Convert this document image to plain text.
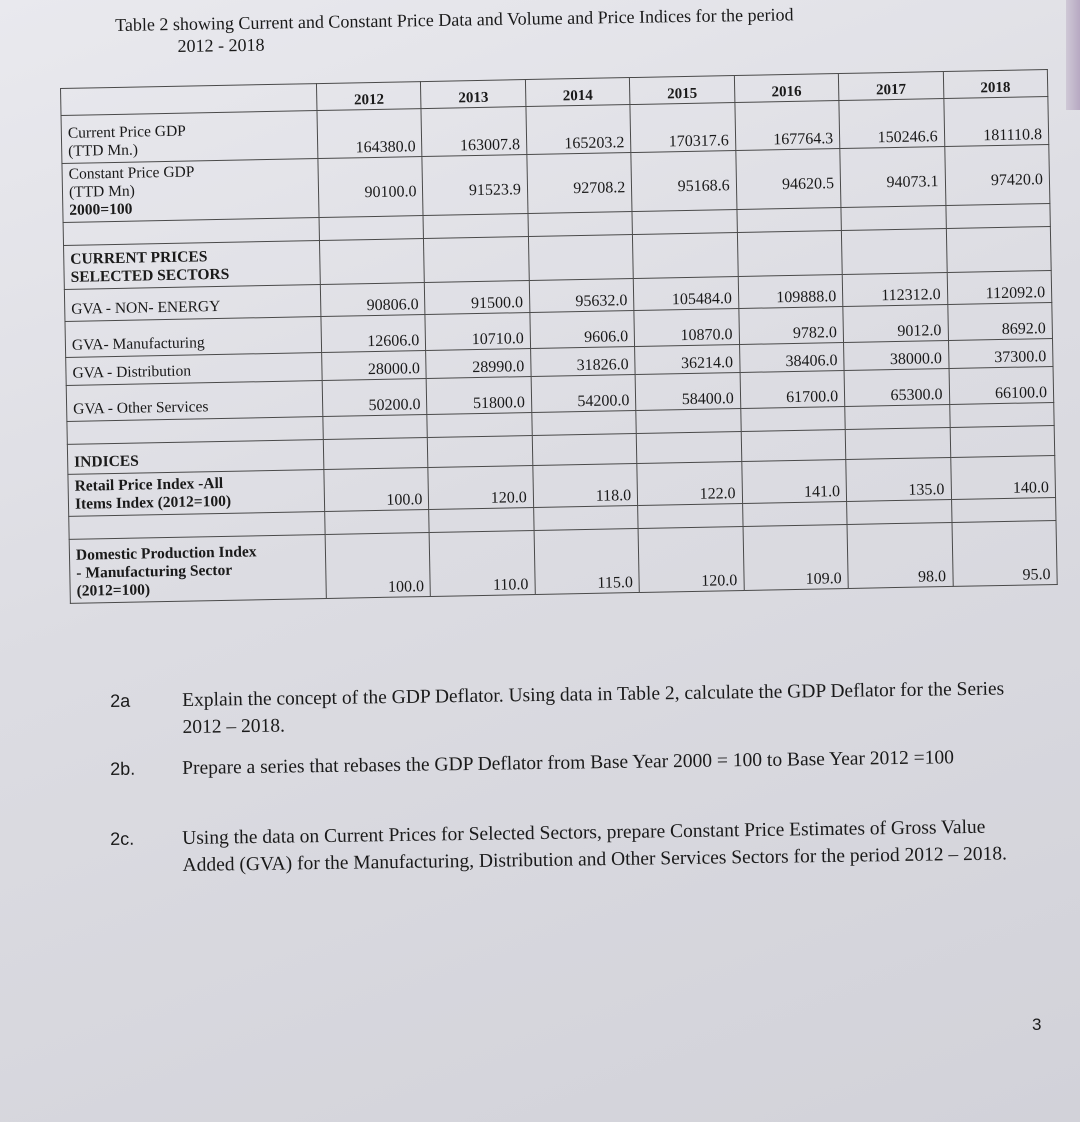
Table 2 showing Current and Constant Price Data and Volume and Price Indices for the period
2012 - 2018
	2012	2013	2014	2015	2016	2017	2018

Current Price GDP
(TTD Mn.)	164380.0	163007.8	165203.2	170317.6	167764.3	150246.6	181110.8

Constant Price GDP
(TTD Mn)
2000=100	90100.0	91523.9	92708.2	95168.6	94620.5	94073.1	97420.0

CURRENT PRICES
SELECTED SECTORS							

GVA - NON- ENERGY	90806.0	91500.0	95632.0	105484.0	109888.0	112312.0	112092.0
GVA- Manufacturing	12606.0	10710.0	9606.0	10870.0	9782.0	9012.0	8692.0
GVA - Distribution	28000.0	28990.0	31826.0	36214.0	38406.0	38000.0	37300.0
GVA - Other Services	50200.0	51800.0	54200.0	58400.0	61700.0	65300.0	66100.0

INDICES							

Retail Price Index -All
Items Index (2012=100)	100.0	120.0	118.0	122.0	141.0	135.0	140.0

Domestic Production Index
- Manufacturing Sector
(2012=100)	100.0	110.0	115.0	120.0	109.0	98.0	95.0
2a	Explain the concept of the GDP Deflator. Using data in Table 2, calculate the GDP Deflator for the Series 2012 – 2018.
2b. Prepare a series that rebases the GDP Deflator from Base Year 2000 = 100 to Base Year 2012 =100
2c. Using the data on Current Prices for Selected Sectors, prepare Constant Price Estimates of Gross Value Added (GVA) for the Manufacturing, Distribution and Other Services Sectors for the period 2012 – 2018.
3
